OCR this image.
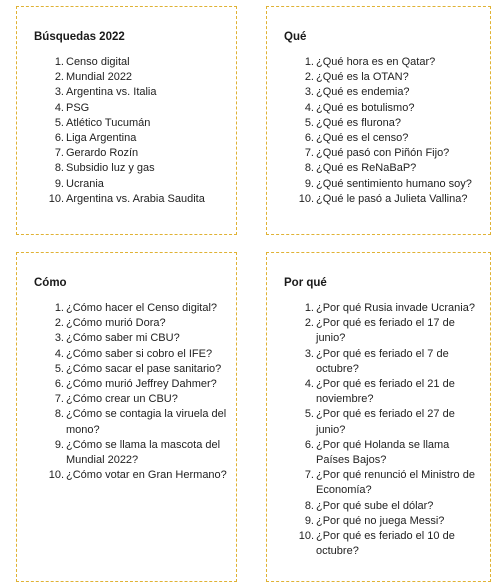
Búsquedas 2022
1. Censo digital
2. Mundial 2022
3. Argentina vs. Italia
4. PSG
5. Atlético Tucumán
6. Liga Argentina
7. Gerardo Rozín
8. Subsidio luz y gas
9. Ucrania
10. Argentina vs. Arabia Saudita
Qué
1. ¿Qué hora es en Qatar?
2. ¿Qué es la OTAN?
3. ¿Qué es endemia?
4. ¿Qué es botulismo?
5. ¿Qué es flurona?
6. ¿Qué es el censo?
7. ¿Qué pasó con Piñón Fijo?
8. ¿Qué es ReNaBaP?
9. ¿Qué sentimiento humano soy?
10. ¿Qué le pasó a Julieta Vallina?
Cómo
1. ¿Cómo hacer el Censo digital?
2. ¿Cómo murió Dora?
3. ¿Cómo saber mi CBU?
4. ¿Cómo saber si cobro el IFE?
5. ¿Cómo sacar el pase sanitario?
6. ¿Cómo murió Jeffrey Dahmer?
7. ¿Cómo crear un CBU?
8. ¿Cómo se contagia la viruela del mono?
9. ¿Cómo se llama la mascota del Mundial 2022?
10. ¿Cómo votar en Gran Hermano?
Por qué
1. ¿Por qué Rusia invade Ucrania?
2. ¿Por qué es feriado el 17 de junio?
3. ¿Por qué es feriado el 7 de octubre?
4. ¿Por qué es feriado el 21 de noviembre?
5. ¿Por qué es feriado el 27 de junio?
6. ¿Por qué Holanda se llama Países Bajos?
7. ¿Por qué renunció el Ministro de Economía?
8. ¿Por qué sube el dólar?
9. ¿Por qué no juega Messi?
10. ¿Por qué es feriado el 10 de octubre?
